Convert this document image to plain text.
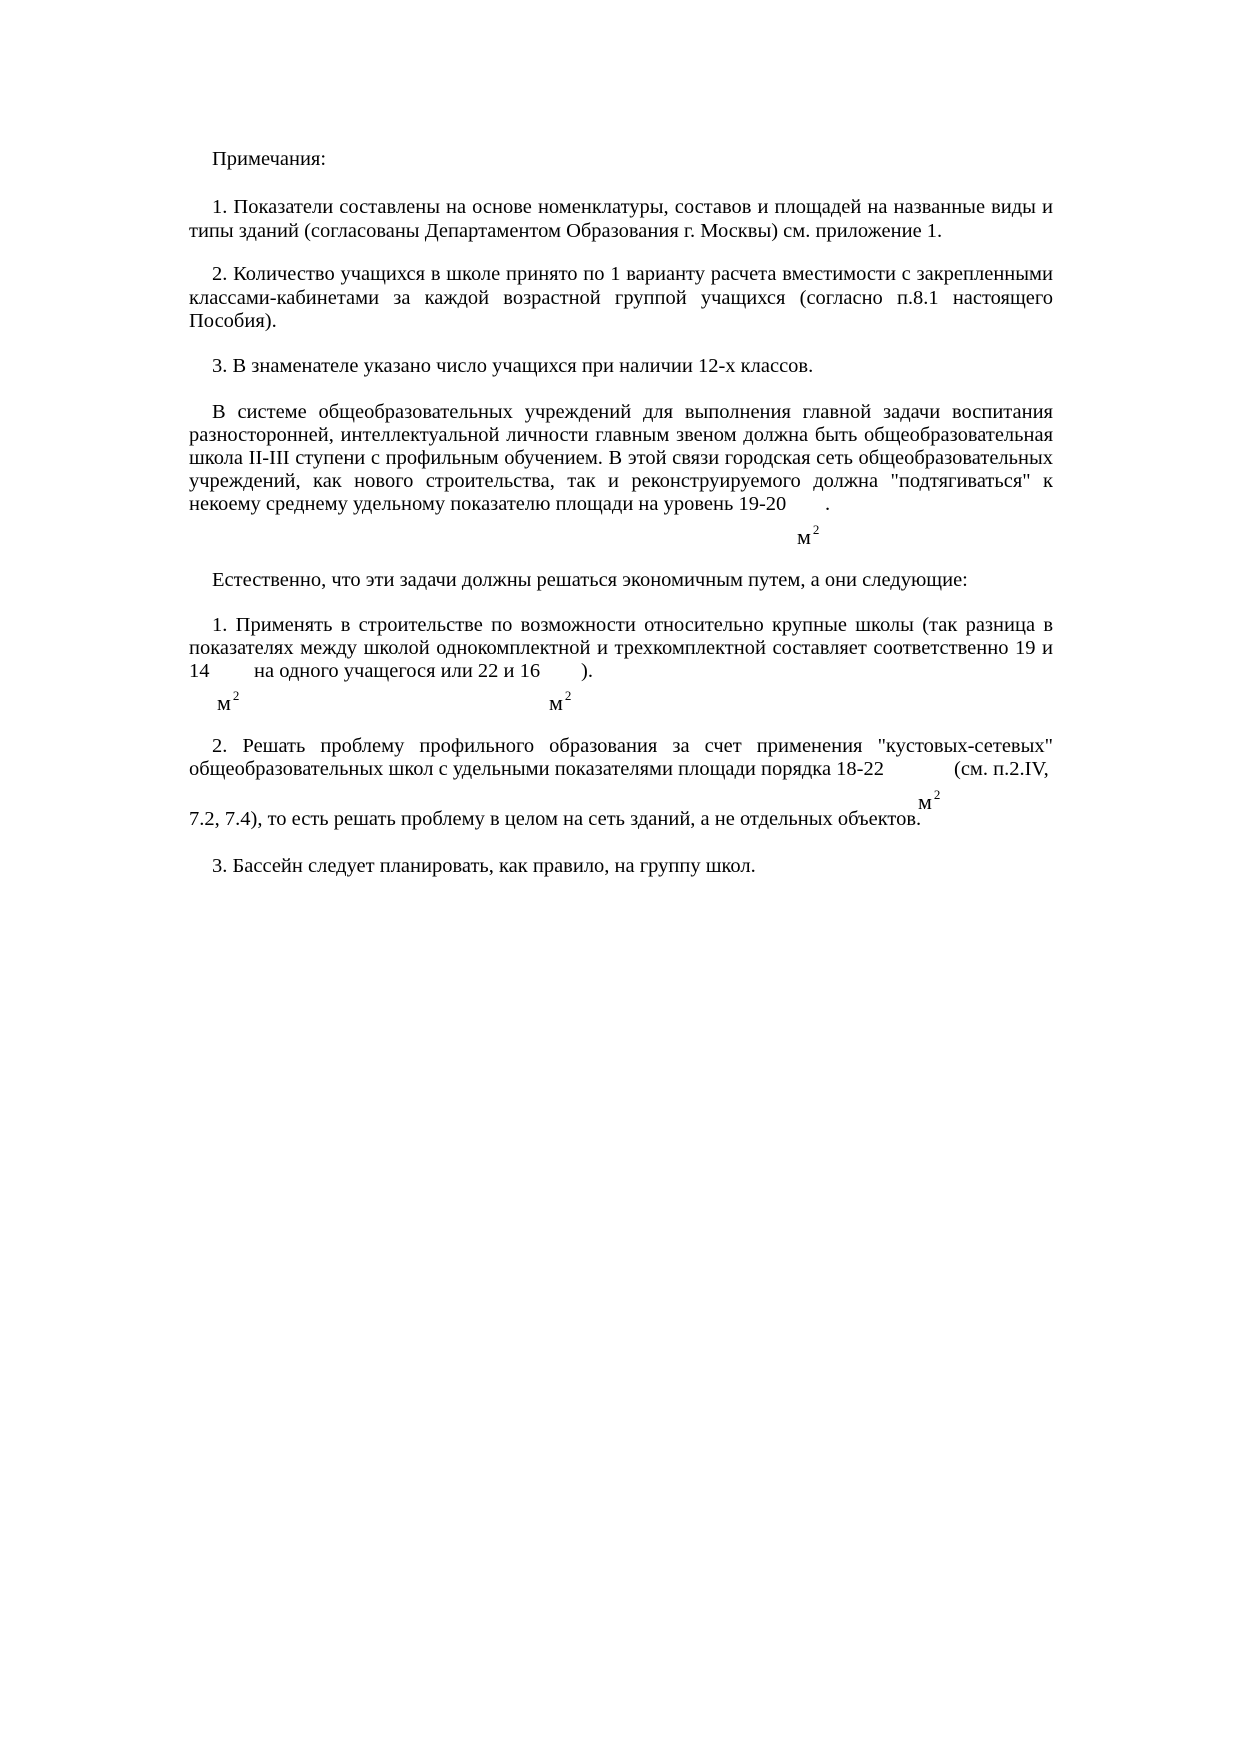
Примечания:

1. Показатели составлены на основе номенклатуры, составов и площадей на названные виды и типы зданий (согласованы Департаментом Образования г. Москвы) см. приложение 1.

2. Количество учащихся в школе принято по 1 варианту расчета вместимости с закрепленными классами-кабинетами за каждой возрастной группой учащихся (согласно п.8.1 настоящего Пособия).

3. В знаменателе указано число учащихся при наличии 12-х классов.
В системе общеобразовательных учреждений для выполнения главной задачи воспитания
разносторонней, интеллектуальной личности главным звеном должна быть общеобразовательная
школа II-III ступени с профильным обучением. В этой связи городская сеть общеобразовательных
учреждений, как нового строительства, так и реконструируемого должна "подтягиваться" к
некоему среднему удельному показателю площади на уровень 19-20	.
м $^2$
Естественно, что эти задачи должны решаться экономичным путем, а они следующие:
1. Применять в строительстве по возможности относительно крупные школы (так разница в
показателях между школой однокомплектной и трехкомплектной составляет соответственно 19 и
14 на одного учащегося или 22 и 16 ).
м $^2$	м $^2$
2. Решать проблему профильного образования за счет применения "кустовых-сетевых"
общеобразовательных школ с удельными показателями площади порядка 18-22	(см. п.2.IV,
м $^2$
7.2, 7.4), то есть решать проблему в целом на сеть зданий, а не отдельных объектов.
3. Бассейн следует планировать, как правило, на группу школ.
